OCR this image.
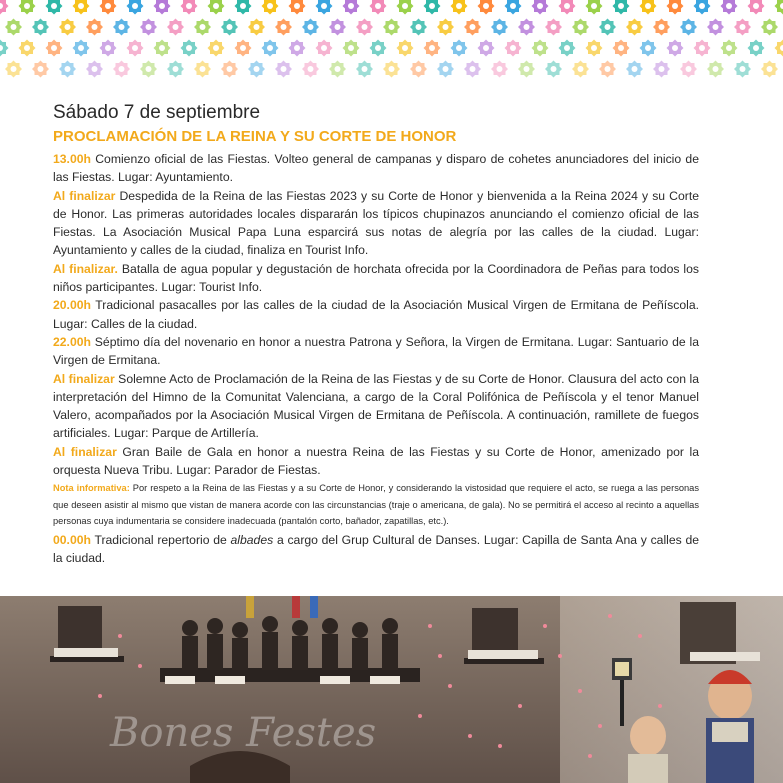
Sábado 7 de septiembre
PROCLAMACIÓN DE LA REINA Y SU CORTE DE HONOR

13.00h Comienzo oficial de las Fiestas. Volteo general de campanas y disparo de cohetes anunciadores del inicio de las Fiestas. Lugar: Ayuntamiento.

Al finalizar Despedida de la Reina de las Fiestas 2023 y su Corte de Honor y bienvenida a la Reina 2024 y su Corte de Honor. Las primeras autoridades locales dispararán los típicos chupinazos anunciando el comienzo oficial de las Fiestas. La Asociación Musical Papa Luna esparcirá sus notas de alegría por las calles de la ciudad. Lugar: Ayuntamiento y calles de la ciudad, finaliza en Tourist Info.

Al finalizar. Batalla de agua popular y degustación de horchata ofrecida por la Coordinadora de Peñas para todos los niños participantes. Lugar: Tourist Info.

20.00h Tradicional pasacalles por las calles de la ciudad de la Asociación Musical Virgen de Ermitana de Peñíscola. Lugar: Calles de la ciudad.

22.00h Séptimo día del novenario en honor a nuestra Patrona y Señora, la Virgen de Ermitana. Lugar: Santuario de la Virgen de Ermitana.

Al finalizar Solemne Acto de Proclamación de la Reina de las Fiestas y de su Corte de Honor. Clausura del acto con la interpretación del Himno de la Comunitat Valenciana, a cargo de la Coral Polifónica de Peñíscola y el tenor Manuel Valero, acompañados por la Asociación Musical Virgen de Ermitana de Peñíscola. A continuación, ramillete de fuegos artificiales. Lugar: Parque de Artillería.

Al finalizar Gran Baile de Gala en honor a nuestra Reina de las Fiestas y su Corte de Honor, amenizado por la orquesta Nueva Tribu. Lugar: Parador de Fiestas.

Nota informativa: Por respeto a la Reina de las Fiestas y a su Corte de Honor, y considerando la vistosidad que requiere el acto, se ruega a las personas que deseen asistir al mismo que vistan de manera acorde con las circunstancias (traje o americana, de gala). No se permitirá el acceso al recinto a aquellas personas cuya indumentaria se considere inadecuada (pantalón corto, bañador, zapatillas, etc.).

00.00h Tradicional repertorio de albades a cargo del Grup Cultural de Danses. Lugar: Capilla de Santa Ana y calles de la ciudad.

Bones Festes
